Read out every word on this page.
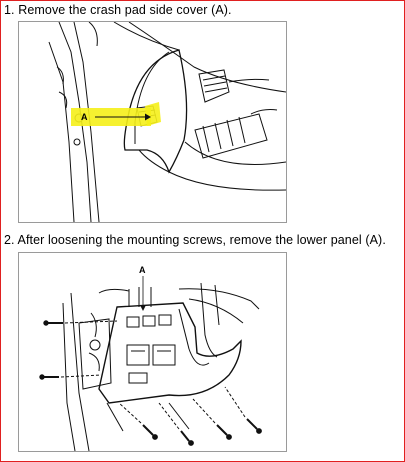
1. Remove the crash pad side cover (A).
A
2. After loosening the mounting screws, remove the lower panel (A).
A
